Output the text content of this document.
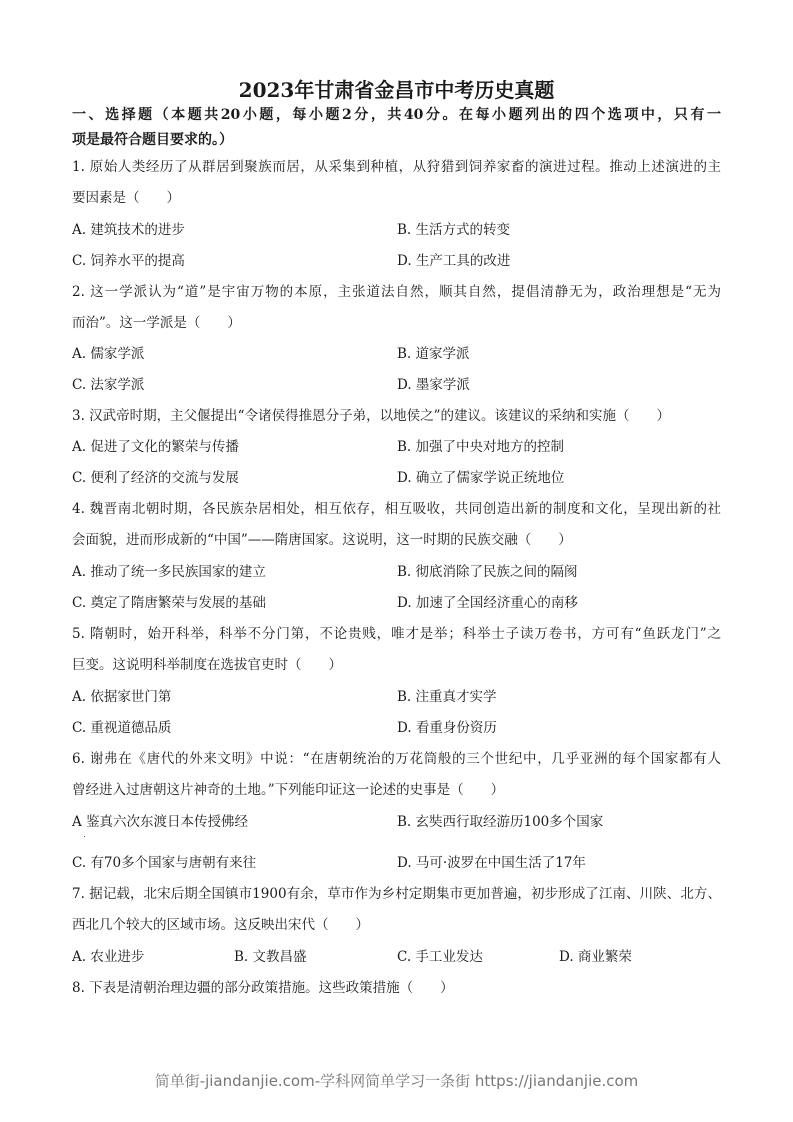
2023年甘肃省金昌市中考历史真题
一、选择题（本题共20小题，每小题2分，共40分。在每小题列出的四个选项中，只有一
项是最符合题目要求的。）
1. 原始人类经历了从群居到聚族而居，从采集到种植，从狩猎到饲养家畜的演进过程。推动上述演进的主
要因素是（　　）
A. 建筑技术的进步	B. 生活方式的转变
C. 饲养水平的提高	D. 生产工具的改进
2. 这一学派认为“道”是宇宙万物的本原，主张道法自然，顺其自然，提倡清静无为，政治理想是“无为
而治”。这一学派是（　　）
A. 儒家学派	B. 道家学派
C. 法家学派	D. 墨家学派
3. 汉武帝时期，主父偃提出“令诸侯得推恩分子弟，以地侯之”的建议。该建议的采纳和实施（　　）
A. 促进了文化的繁荣与传播	B. 加强了中央对地方的控制
C. 便利了经济的交流与发展	D. 确立了儒家学说正统地位
4. 魏晋南北朝时期，各民族杂居相处，相互依存，相互吸收，共同创造出新的制度和文化，呈现出新的社
会面貌，进而形成新的“中国”——隋唐国家。这说明，这一时期的民族交融（　　）
A. 推动了统一多民族国家的建立	B. 彻底消除了民族之间的隔阂
C. 奠定了隋唐繁荣与发展的基础	D. 加速了全国经济重心的南移
5. 隋朝时，始开科举，科举不分门第，不论贵贱，唯才是举；科举士子读万卷书，方可有“鱼跃龙门”之
巨变。这说明科举制度在选拔官吏时（　　）
A. 依据家世门第	B. 注重真才实学
C. 重视道德品质	D. 看重身份资历
6. 谢弗在《唐代的外来文明》中说：“在唐朝统治的万花筒般的三个世纪中，几乎亚洲的每个国家都有人
曾经进入过唐朝这片神奇的土地。”下列能印证这一论述的史事是（　　）
A 鉴真六次东渡日本传授佛经	B. 玄奘西行取经游历100多个国家
C. 有70多个国家与唐朝有来往	D. 马可·波罗在中国生活了17年
7. 据记载，北宋后期全国镇市1900有余，草市作为乡村定期集市更加普遍，初步形成了江南、川陕、北方、
西北几个较大的区域市场。这反映出宋代（　　）
A. 农业进步	B. 文教昌盛	C. 手工业发达	D. 商业繁荣
8. 下表是清朝治理边疆的部分政策措施。这些政策措施（　　）
简单街-jiandanjie.com-学科网简单学习一条街 https://jiandanjie.com
